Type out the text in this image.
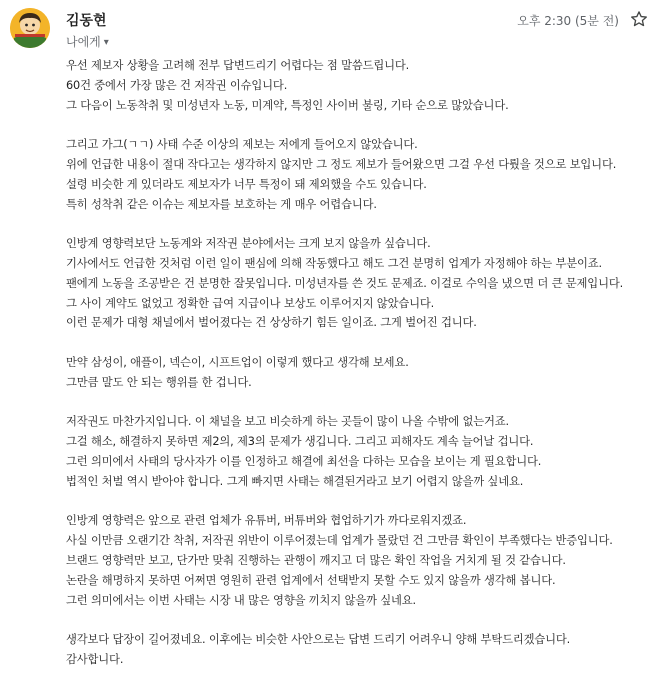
김동현
나에게 ▾
오후 2:30 (5분 전)
우선 제보자 상황을 고려해 전부 답변드리기 어렵다는 점 말씀드립니다.
60건 중에서 가장 많은 건 저작권 이슈입니다.
그 다음이 노동착취 및 미성년자 노동, 미계약, 특정인 사이버 불링, 기타 순으로 많았습니다.
그리고 가그(ㄱㄱ) 사태 수준 이상의 제보는 저에게 들어오지 않았습니다.
위에 언급한 내용이 절대 작다고는 생각하지 않지만 그 정도 제보가 들어왔으면 그걸 우선 다뤘을 것으로 보입니다.
설령 비슷한 게 있더라도 제보자가 너무 특정이 돼 제외했을 수도 있습니다.
특히 성착취 같은 이슈는 제보자를 보호하는 게 매우 어렵습니다.
인방계 영향력보단 노동계와 저작권 분야에서는 크게 보지 않을까 싶습니다.
기사에서도 언급한 것처럼 이런 일이 팬심에 의해 작동했다고 해도 그건 분명히 업계가 자정해야 하는 부분이죠.
팬에게 노동을 조공받은 건 분명한 잘못입니다. 미성년자를 쓴 것도 문제죠. 이걸로 수익을 냈으면 더 큰 문제입니다.
그 사이 계약도 없었고 정확한 급여 지급이나 보상도 이루어지지 않았습니다.
이런 문제가 대형 채널에서 벌어졌다는 건 상상하기 힘든 일이죠. 그게 벌어진 겁니다.
만약 삼성이, 애플이, 넥슨이, 시프트업이 이렇게 했다고 생각해 보세요.
그만큼 말도 안 되는 행위를 한 겁니다.
저작권도 마찬가지입니다. 이 채널을 보고 비슷하게 하는 곳들이 많이 나올 수밖에 없는거죠.
그걸 해소, 해결하지 못하면 제2의, 제3의 문제가 생깁니다. 그리고 피해자도 계속 늘어날 겁니다.
그런 의미에서 사태의 당사자가 이를 인정하고 해결에 최선을 다하는 모습을 보이는 게 필요합니다.
법적인 처벌 역시 받아야 합니다. 그게 빠지면 사태는 해결된거라고 보기 어렵지 않을까 싶네요.
인방계 영향력은 앞으로 관련 업체가 유튜버, 버튜버와 협업하기가 까다로워지겠죠.
사실 이만큼 오랜기간 착취, 저작권 위반이 이루어졌는데 업계가 몰랐던 건 그만큼 확인이 부족했다는 반증입니다.
브랜드 영향력만 보고, 단가만 맞춰 진행하는 관행이 깨지고 더 많은 확인 작업을 거치게 될 것 같습니다.
논란을 해명하지 못하면 어쩌면 영원히 관련 업계에서 선택받지 못할 수도 있지 않을까 생각해 봅니다.
그런 의미에서는 이번 사태는 시장 내 많은 영향을 끼치지 않을까 싶네요.
생각보다 답장이 길어졌네요. 이후에는 비슷한 사안으로는 답변 드리기 어려우니 양해 부탁드리겠습니다.
감사합니다.
